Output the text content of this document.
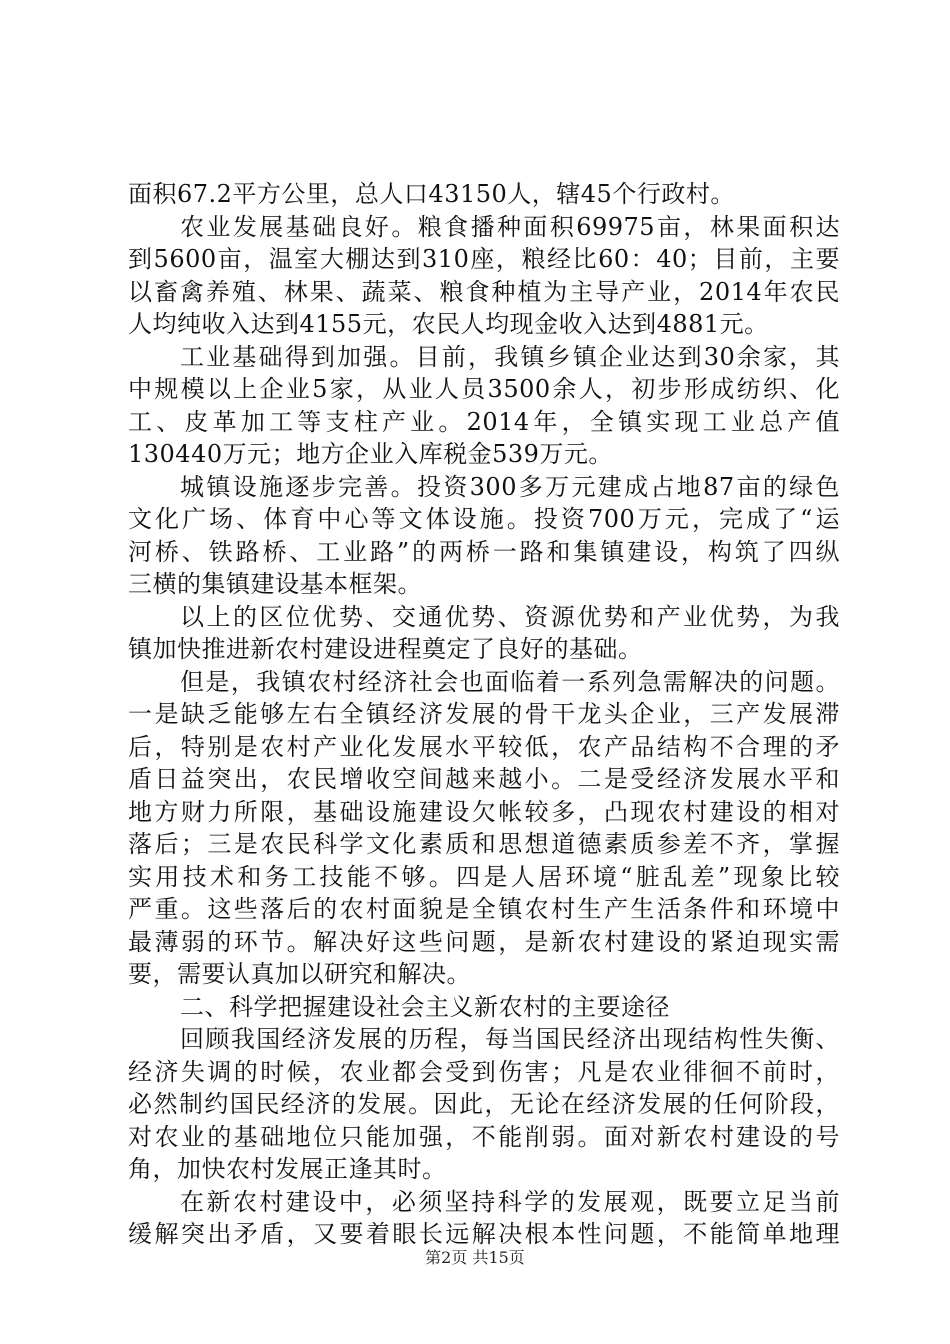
面积67.2平方公里，总人口43150人，辖45个行政村。
农业发展基础良好。粮食播种面积69975亩，林果面积达
到5600亩，温室大棚达到310座，粮经比60：40；目前，主要
以畜禽养殖、林果、蔬菜、粮食种植为主导产业，2014年农民
人均纯收入达到4155元，农民人均现金收入达到4881元。
工业基础得到加强。目前，我镇乡镇企业达到30余家，其
中规模以上企业5家，从业人员3500余人，初步形成纺织、化
工、皮革加工等支柱产业。2014年，全镇实现工业总产值
130440万元；地方企业入库税金539万元。
城镇设施逐步完善。投资300多万元建成占地87亩的绿色
文化广场、体育中心等文体设施。投资700万元，完成了“运
河桥、铁路桥、工业路”的两桥一路和集镇建设，构筑了四纵
三横的集镇建设基本框架。
以上的区位优势、交通优势、资源优势和产业优势，为我
镇加快推进新农村建设进程奠定了良好的基础。
但是，我镇农村经济社会也面临着一系列急需解决的问题。
一是缺乏能够左右全镇经济发展的骨干龙头企业，三产发展滞
后，特别是农村产业化发展水平较低，农产品结构不合理的矛
盾日益突出，农民增收空间越来越小。二是受经济发展水平和
地方财力所限，基础设施建设欠帐较多，凸现农村建设的相对
落后；三是农民科学文化素质和思想道德素质参差不齐，掌握
实用技术和务工技能不够。四是人居环境“脏乱差”现象比较
严重。这些落后的农村面貌是全镇农村生产生活条件和环境中
最薄弱的环节。解决好这些问题，是新农村建设的紧迫现实需
要，需要认真加以研究和解决。
二、科学把握建设社会主义新农村的主要途径
回顾我国经济发展的历程，每当国民经济出现结构性失衡、
经济失调的时候，农业都会受到伤害；凡是农业徘徊不前时，
必然制约国民经济的发展。因此，无论在经济发展的任何阶段，
对农业的基础地位只能加强，不能削弱。面对新农村建设的号
角，加快农村发展正逢其时。
在新农村建设中，必须坚持科学的发展观，既要立足当前
缓解突出矛盾，又要着眼长远解决根本性问题，不能简单地理
第2页 共15页
